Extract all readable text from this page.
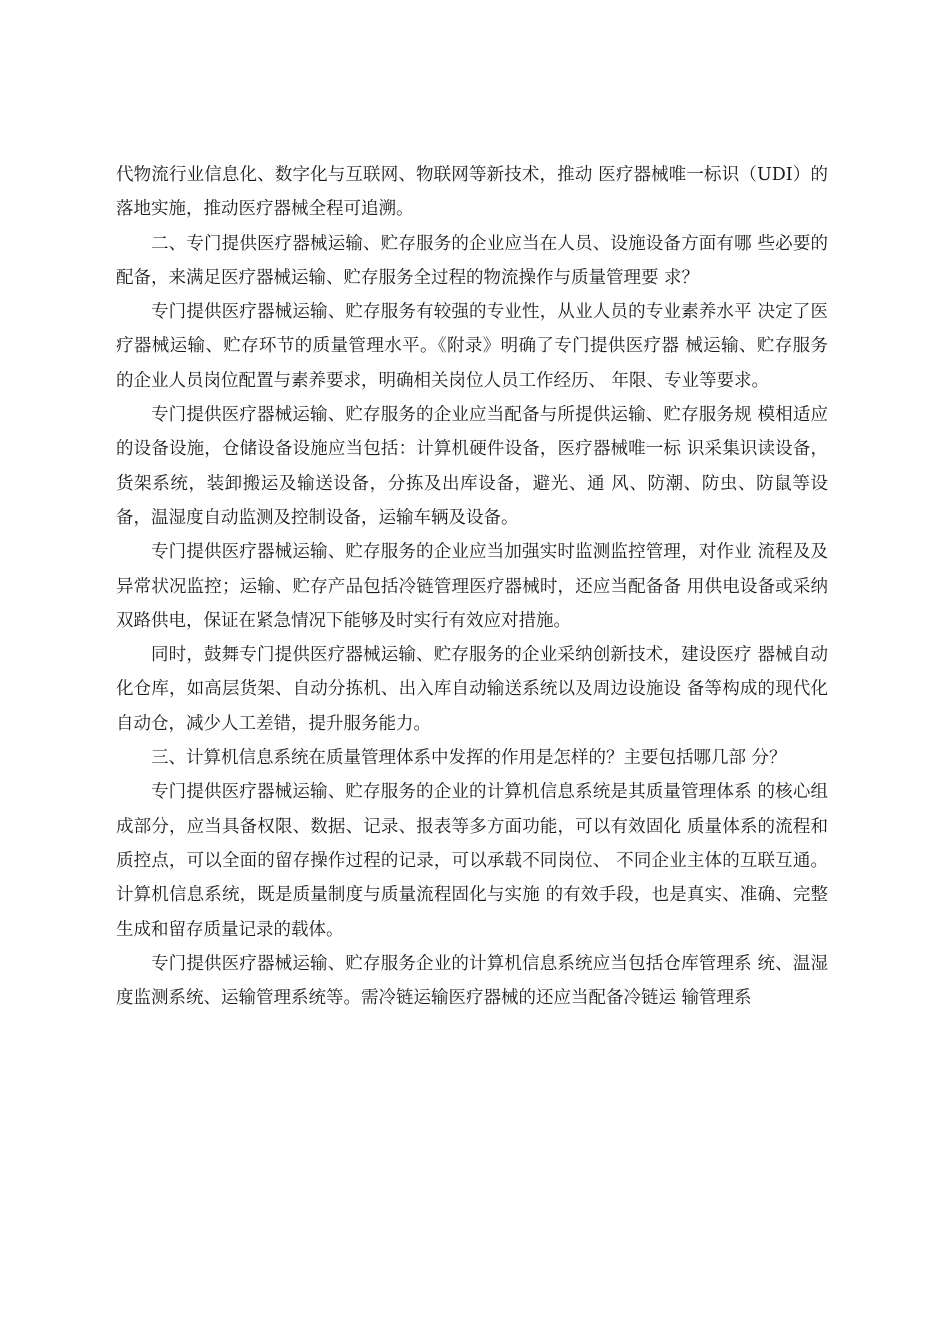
代物流行业信息化、数字化与互联网、物联网等新技术，推动 医疗器械唯一标识（UDI）的落地实施，推动医疗器械全程可追溯。

二、专门提供医疗器械运输、贮存服务的企业应当在人员、设施设备方面有哪 些必要的配备，来满足医疗器械运输、贮存服务全过程的物流操作与质量管理要 求？

专门提供医疗器械运输、贮存服务有较强的专业性，从业人员的专业素养水平 决定了医疗器械运输、贮存环节的质量管理水平。《附录》明确了专门提供医疗器 械运输、贮存服务的企业人员岗位配置与素养要求，明确相关岗位人员工作经历、 年限、专业等要求。

专门提供医疗器械运输、贮存服务的企业应当配备与所提供运输、贮存服务规 模相适应的设备设施，仓储设备设施应当包括：计算机硬件设备，医疗器械唯一标 识采集识读设备，货架系统，装卸搬运及输送设备，分拣及出库设备，避光、通 风、防潮、防虫、防鼠等设备，温湿度自动监测及控制设备，运输车辆及设备。

专门提供医疗器械运输、贮存服务的企业应当加强实时监测监控管理，对作业 流程及及异常状况监控；运输、贮存产品包括冷链管理医疗器械时，还应当配备备 用供电设备或采纳双路供电，保证在紧急情况下能够及时实行有效应对措施。

同时，鼓舞专门提供医疗器械运输、贮存服务的企业采纳创新技术，建设医疗 器械自动化仓库，如高层货架、自动分拣机、出入库自动输送系统以及周边设施设 备等构成的现代化自动仓，减少人工差错，提升服务能力。

三、计算机信息系统在质量管理体系中发挥的作用是怎样的？主要包括哪几部 分？

专门提供医疗器械运输、贮存服务的企业的计算机信息系统是其质量管理体系 的核心组成部分，应当具备权限、数据、记录、报表等多方面功能，可以有效固化 质量体系的流程和质控点，可以全面的留存操作过程的记录，可以承载不同岗位、 不同企业主体的互联互通。计算机信息系统，既是质量制度与质量流程固化与实施 的有效手段，也是真实、准确、完整生成和留存质量记录的载体。

专门提供医疗器械运输、贮存服务企业的计算机信息系统应当包括仓库管理系 统、温湿度监测系统、运输管理系统等。需冷链运输医疗器械的还应当配备冷链运 输管理系
